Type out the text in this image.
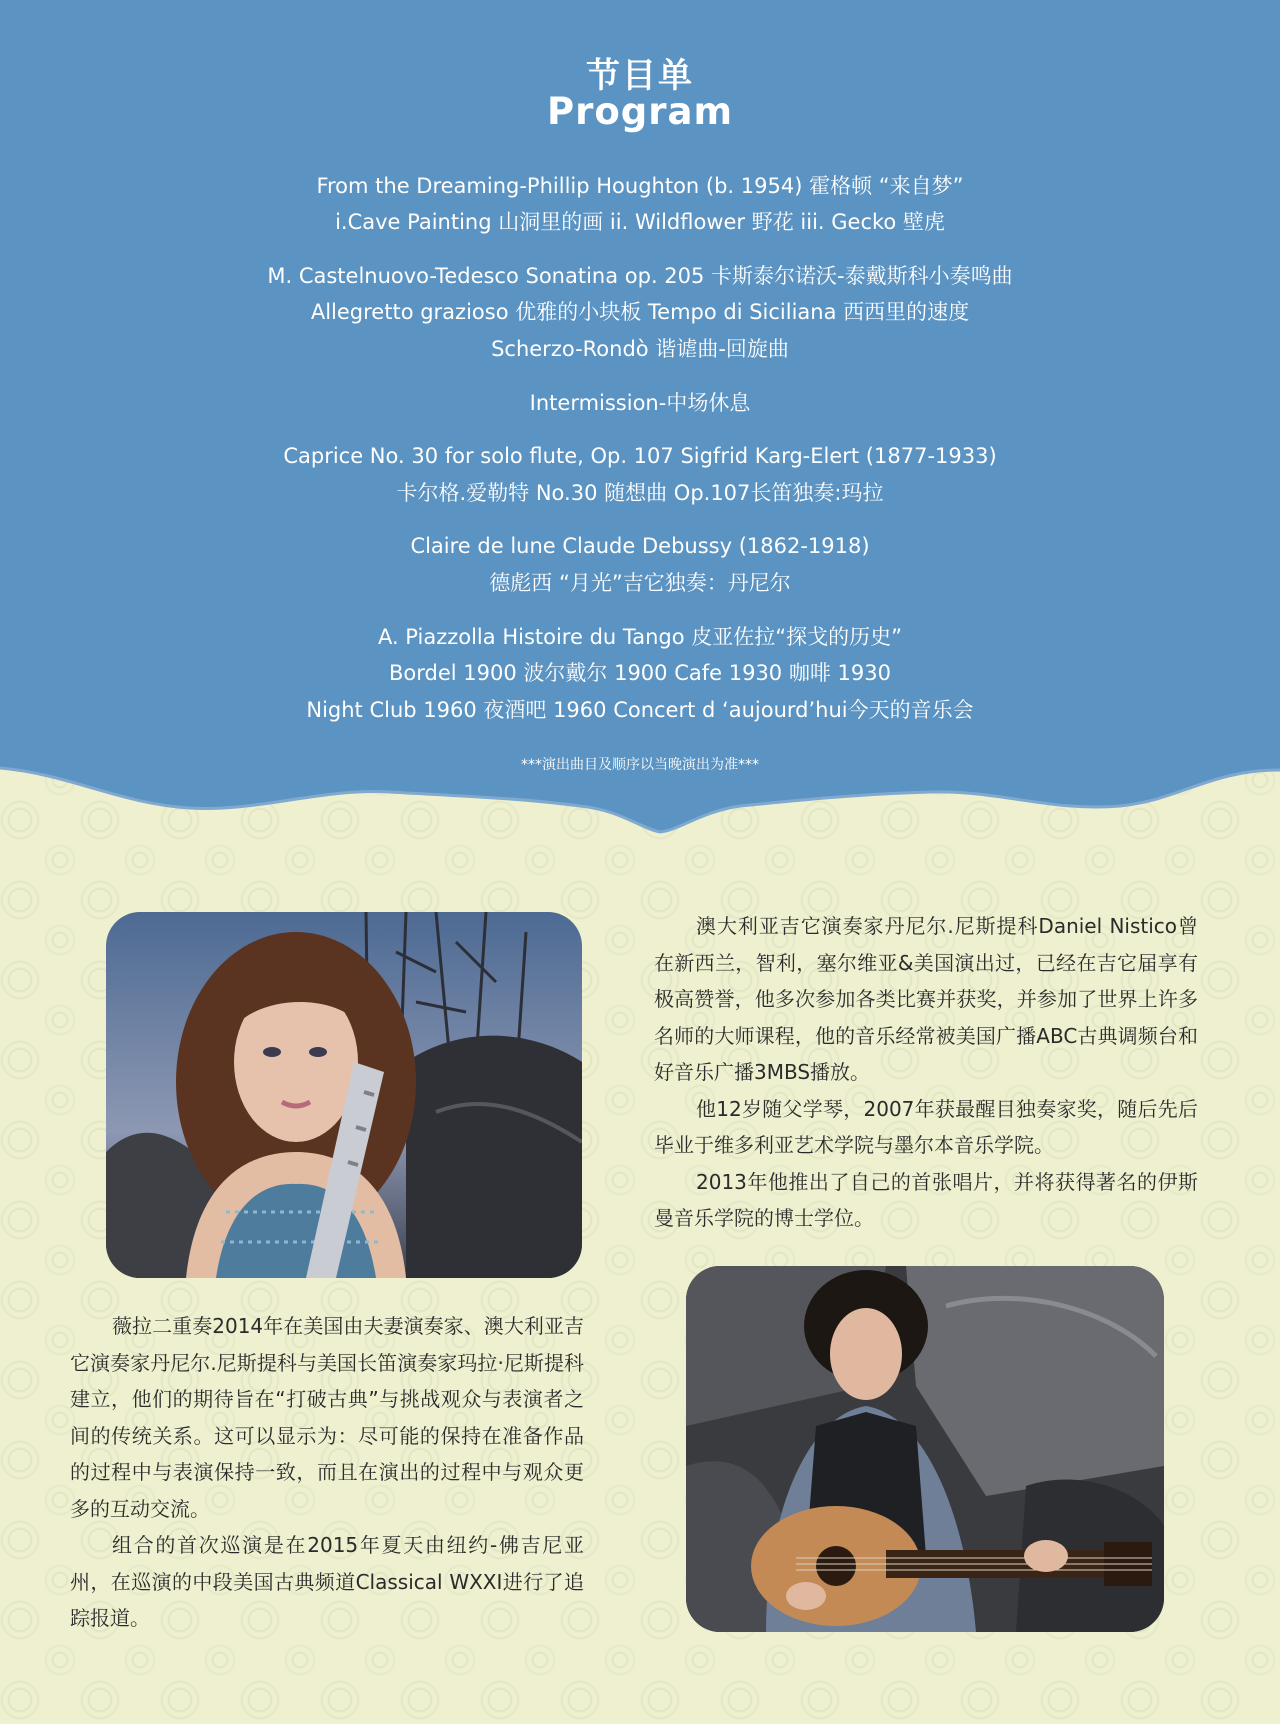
节目单
Program
From the Dreaming-Phillip Houghton (b. 1954) 霍格顿 “来自梦”
i.Cave Painting 山洞里的画 ii. Wildflower 野花 iii. Gecko 壁虎
M. Castelnuovo-Tedesco Sonatina op. 205 卡斯泰尔诺沃-泰戴斯科小奏鸣曲
Allegretto grazioso 优雅的小块板 Tempo di Siciliana 西西里的速度
Scherzo-Rondò 谐谑曲-回旋曲
Intermission-中场休息
Caprice No. 30 for solo flute, Op. 107 Sigfrid Karg-Elert (1877-1933)
卡尔格.爱勒特 No.30 随想曲 Op.107长笛独奏:玛拉
Claire de lune Claude Debussy (1862-1918)
德彪西 “月光”吉它独奏：丹尼尔
A. Piazzolla Histoire du Tango 皮亚佐拉“探戈的历史”
Bordel 1900 波尔戴尔 1900 Cafe 1930 咖啡 1930
Night Club 1960 夜酒吧 1960 Concert d ‘aujourd’hui今天的音乐会
***演出曲目及顺序以当晚演出为准***

澳大利亚吉它演奏家丹尼尔.尼斯提科Daniel Nistico曾在新西兰，智利，塞尔维亚&美国演出过，已经在吉它届享有极高赞誉，他多次参加各类比赛并获奖，并参加了世界上许多名师的大师课程，他的音乐经常被美国广播ABC古典调频台和好音乐广播3MBS播放。

他12岁随父学琴，2007年获最醒目独奏家奖，随后先后毕业于维多利亚艺术学院与墨尔本音乐学院。

2013年他推出了自己的首张唱片，并将获得著名的伊斯曼音乐学院的博士学位。

薇拉二重奏2014年在美国由夫妻演奏家、澳大利亚吉它演奏家丹尼尔.尼斯提科与美国长笛演奏家玛拉·尼斯提科建立，他们的期待旨在“打破古典”与挑战观众与表演者之间的传统关系。这可以显示为：尽可能的保持在准备作品的过程中与表演保持一致，而且在演出的过程中与观众更多的互动交流。

组合的首次巡演是在2015年夏天由纽约-佛吉尼亚州，在巡演的中段美国古典频道Classical WXXI进行了追踪报道。
